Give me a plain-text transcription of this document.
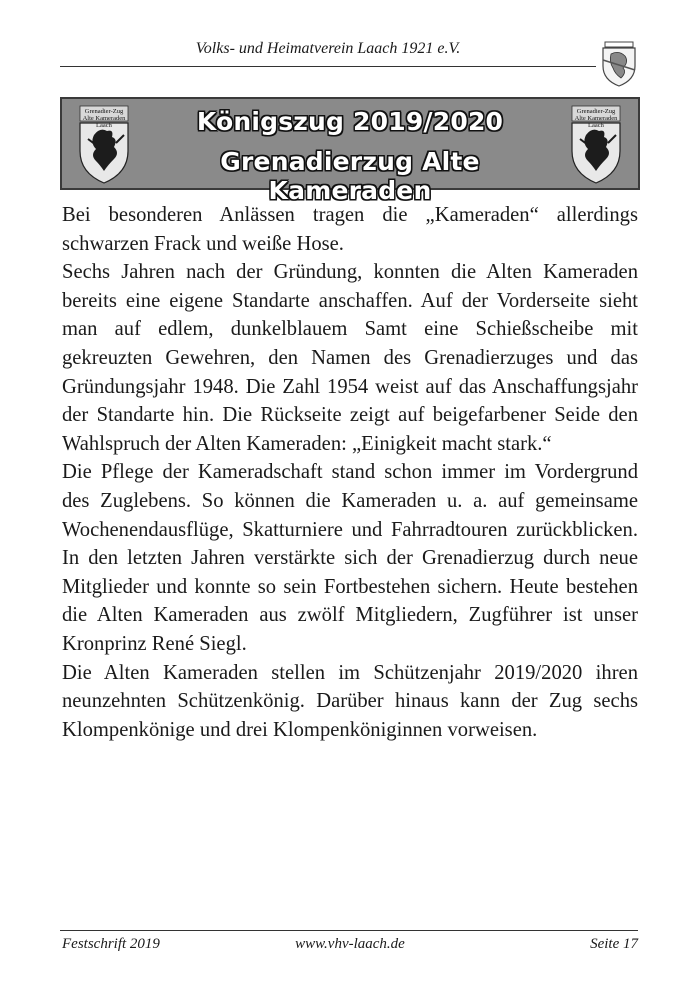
Volks- und Heimatverein Laach 1921 e.V.
Grenadier-Zug
Alte Kameraden Laach	Königszug 2019/2020
Grenadierzug Alte Kameraden
Grenadier-Zug
Alte Kameraden Laach

Bei besonderen Anlässen tragen die „Kameraden“ allerdings schwarzen Frack und weiße Hose.

Sechs Jahren nach der Gründung, konnten die Alten Kameraden bereits eine eigene Standarte anschaffen. Auf der Vorderseite sieht man auf edlem, dunkelblauem Samt eine Schießscheibe mit gekreuzten Gewehren, den Namen des Grenadierzuges und das Gründungsjahr 1948. Die Zahl 1954 weist auf das Anschaffungsjahr der Standarte hin. Die Rückseite zeigt auf beigefarbener Seide den Wahlspruch der Alten Kameraden: „Einigkeit macht stark.“

Die Pflege der Kameradschaft stand schon immer im Vordergrund des Zuglebens. So können die Kameraden u. a. auf gemeinsame Wochenendausflüge, Skatturniere und Fahrradtouren zurückblicken. In den letzten Jahren verstärkte sich der Grenadierzug durch neue Mitglieder und konnte so sein Fortbestehen sichern. Heute bestehen die Alten Kameraden aus zwölf Mitgliedern, Zugführer ist unser Kronprinz René Siegl.

Die Alten Kameraden stellen im Schützenjahr 2019/2020 ihren neunzehnten Schützenkönig. Darüber hinaus kann der Zug sechs Klompenkönige und drei Klompenköniginnen vorweisen.

Festschrift 2019	www.vhv-laach.de	Seite 17
